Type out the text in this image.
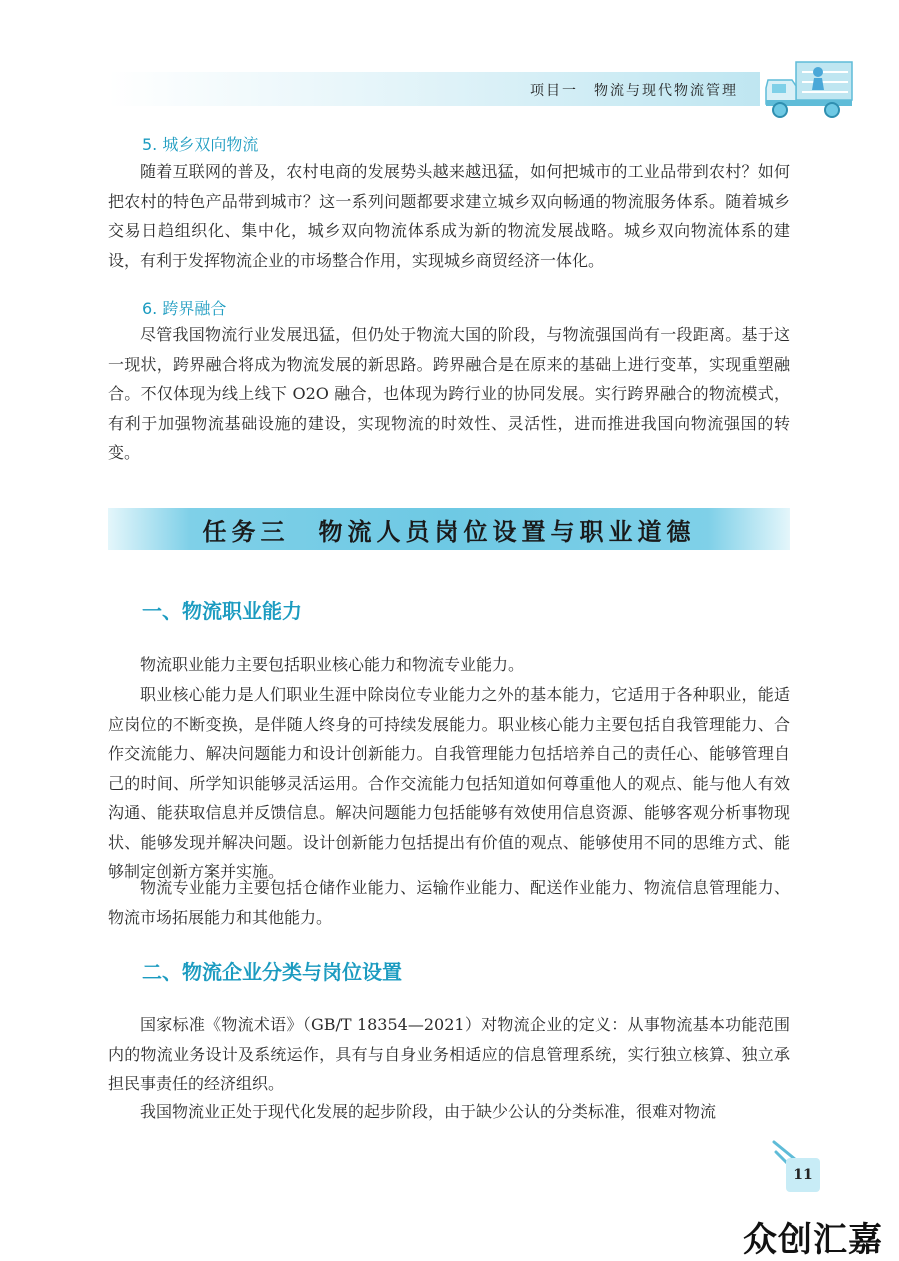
项目一　物流与现代物流管理

5. 城乡双向物流

随着互联网的普及，农村电商的发展势头越来越迅猛，如何把城市的工业品带到农村？如何把农村的特色产品带到城市？这一系列问题都要求建立城乡双向畅通的物流服务体系。随着城乡交易日趋组织化、集中化，城乡双向物流体系成为新的物流发展战略。城乡双向物流体系的建设，有利于发挥物流企业的市场整合作用，实现城乡商贸经济一体化。

6. 跨界融合

尽管我国物流行业发展迅猛，但仍处于物流大国的阶段，与物流强国尚有一段距离。基于这一现状，跨界融合将成为物流发展的新思路。跨界融合是在原来的基础上进行变革，实现重塑融合。不仅体现为线上线下 O2O 融合，也体现为跨行业的协同发展。实行跨界融合的物流模式，有利于加强物流基础设施的建设，实现物流的时效性、灵活性，进而推进我国向物流强国的转变。

任务三　物流人员岗位设置与职业道德

一、物流职业能力

物流职业能力主要包括职业核心能力和物流专业能力。

职业核心能力是人们职业生涯中除岗位专业能力之外的基本能力，它适用于各种职业，能适应岗位的不断变换，是伴随人终身的可持续发展能力。职业核心能力主要包括自我管理能力、合作交流能力、解决问题能力和设计创新能力。自我管理能力包括培养自己的责任心、能够管理自己的时间、所学知识能够灵活运用。合作交流能力包括知道如何尊重他人的观点、能与他人有效沟通、能获取信息并反馈信息。解决问题能力包括能够有效使用信息资源、能够客观分析事物现状、能够发现并解决问题。设计创新能力包括提出有价值的观点、能够使用不同的思维方式、能够制定创新方案并实施。

物流专业能力主要包括仓储作业能力、运输作业能力、配送作业能力、物流信息管理能力、物流市场拓展能力和其他能力。

二、物流企业分类与岗位设置

国家标准《物流术语》（GB/T 18354—2021）对物流企业的定义：从事物流基本功能范围内的物流业务设计及系统运作，具有与自身业务相适应的信息管理系统，实行独立核算、独立承担民事责任的经济组织。

我国物流业正处于现代化发展的起步阶段，由于缺少公认的分类标准，很难对物流

11
众创汇嘉
